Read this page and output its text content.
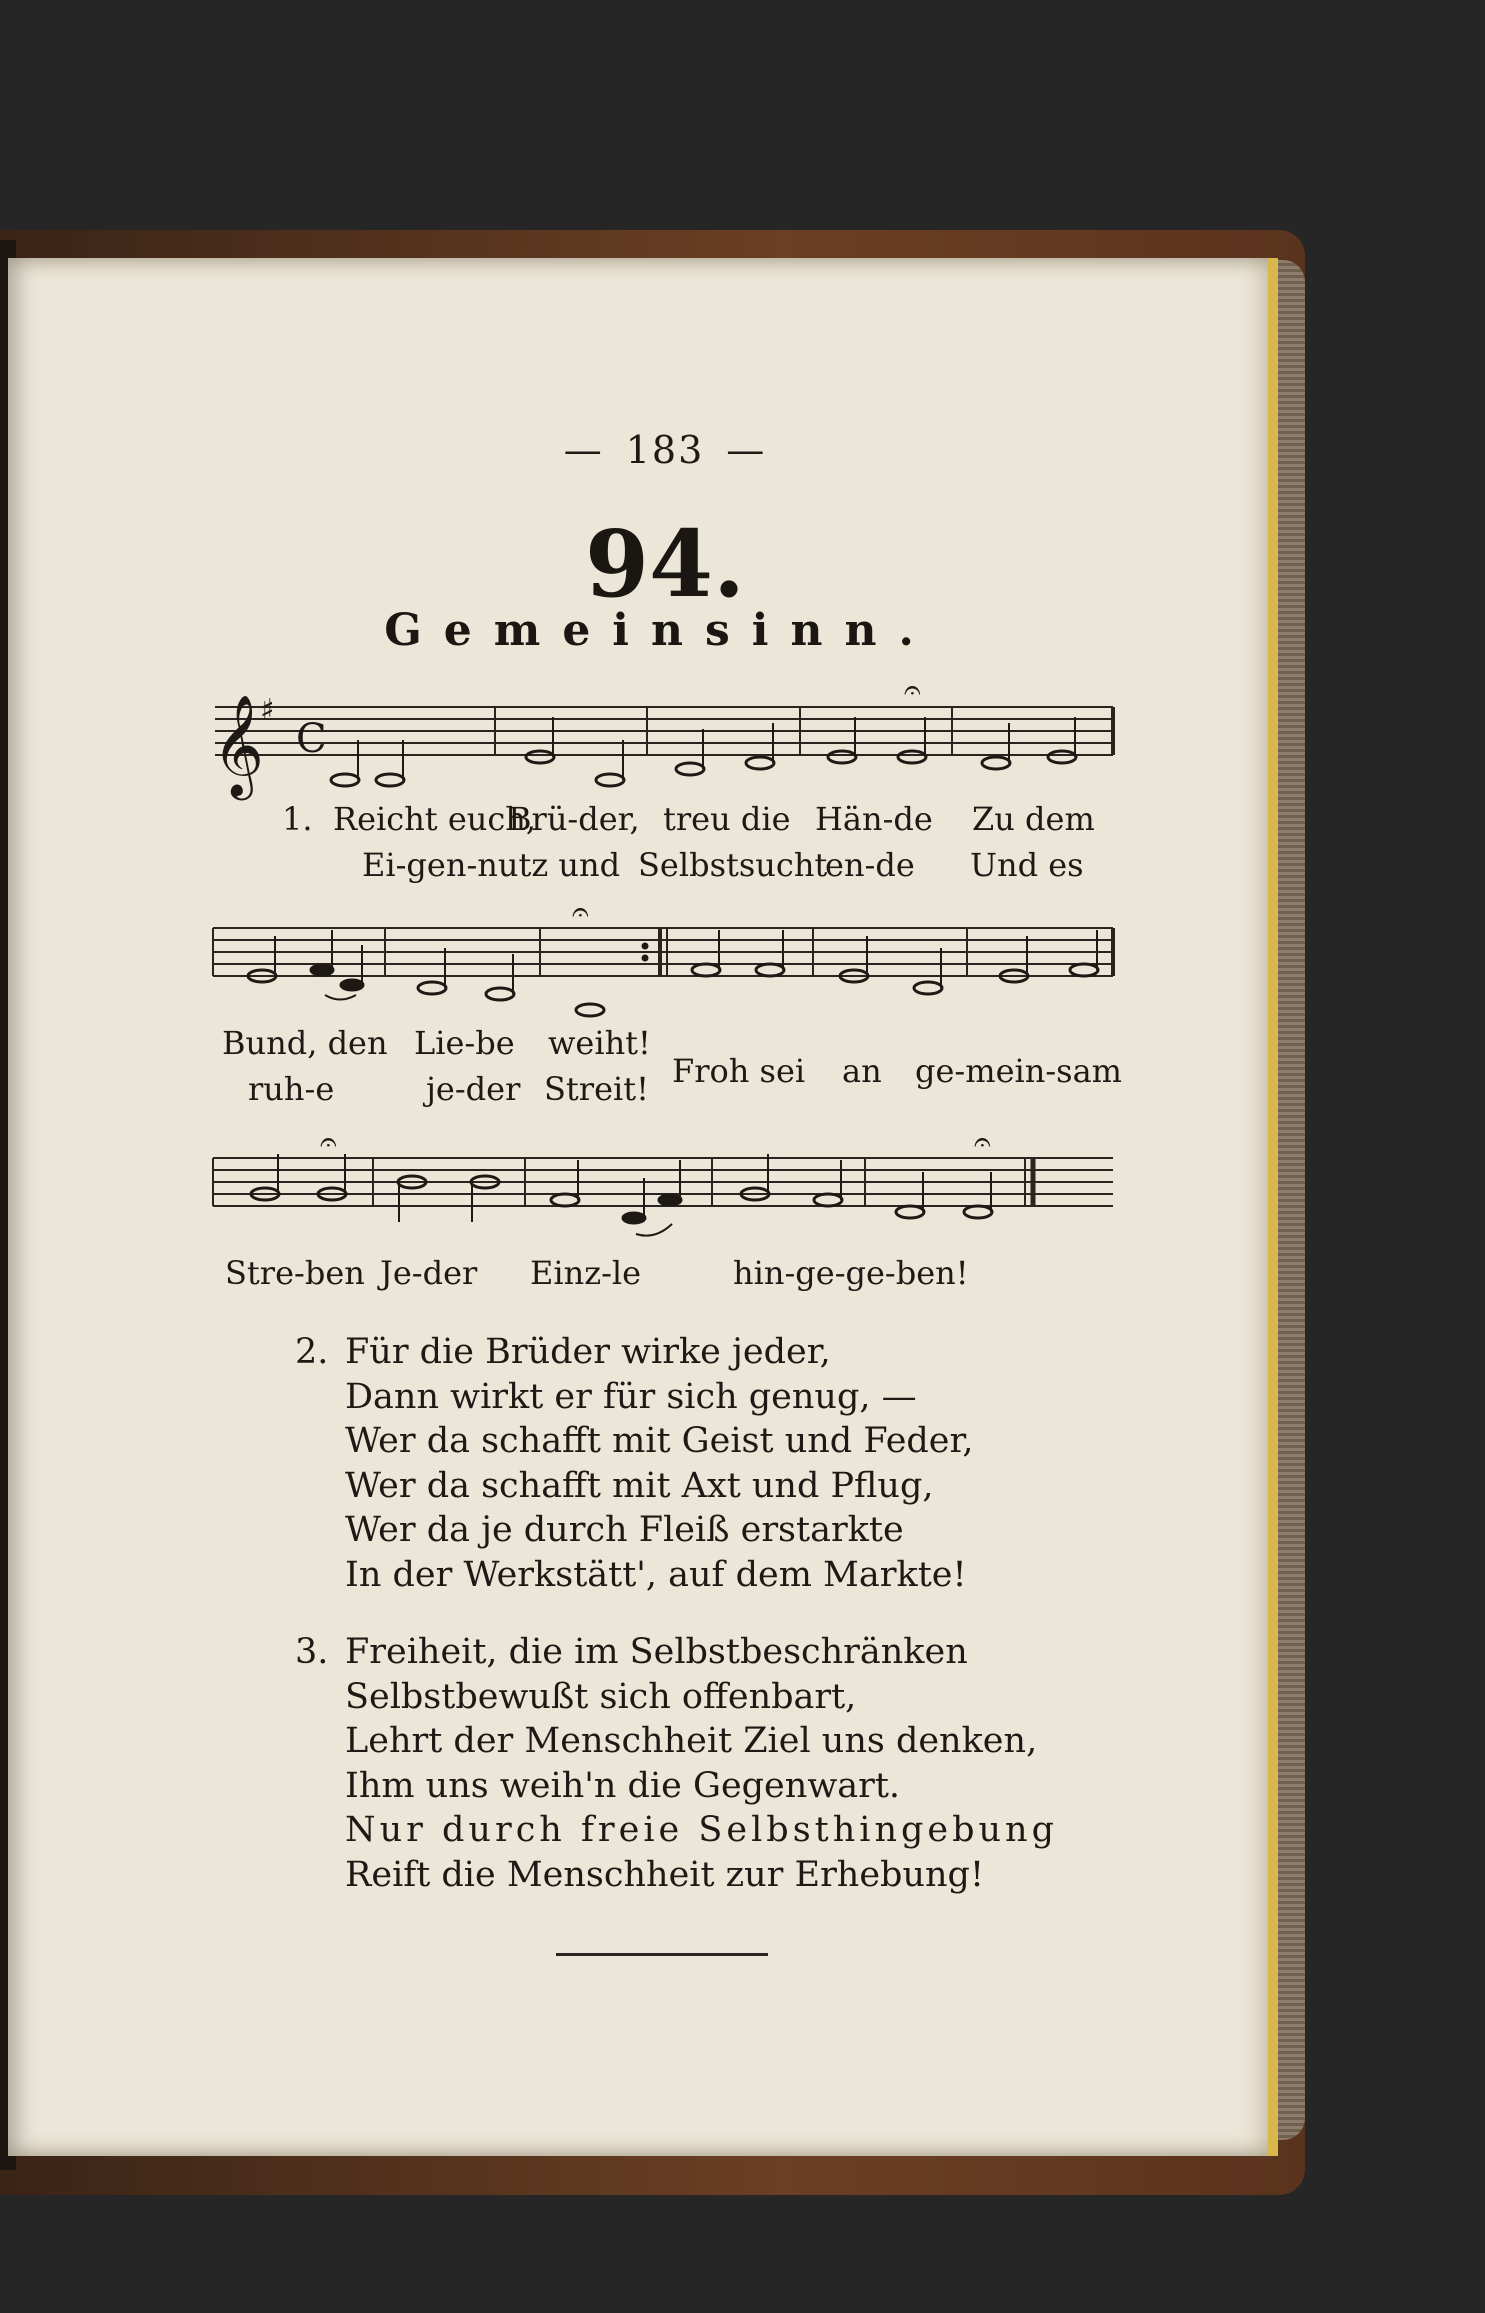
— 183 —
94.
Gemeinsinn.
𝄞
♯
C
𝄐
𝄐
𝄐	𝄐
1. Reicht euch,
Brü-der, treu die Hän-de Zu dem
Ei-gen-nutz und Selbstsucht
en-de Und es
Bund, den Lie-be weiht!
ruh-e	je-der Streit! Froh sei an ge-mein-sam
Stre-ben Je-der Einz-le	hin-ge-ge-ben!
2. Für die Brüder wirke jeder,
Dann wirkt er für sich genug, —
Wer da schafft mit Geist und Feder,
Wer da schafft mit Axt und Pflug,
Wer da je durch Fleiß erstarkte
In der Werkstätt', auf dem Markte!
3. Freiheit, die im Selbstbeschränken
Selbstbewußt sich offenbart,
Lehrt der Menschheit Ziel uns denken,
Ihm uns weih'n die Gegenwart.
Nur durch freie Selbsthingebung
Reift die Menschheit zur Erhebung!
